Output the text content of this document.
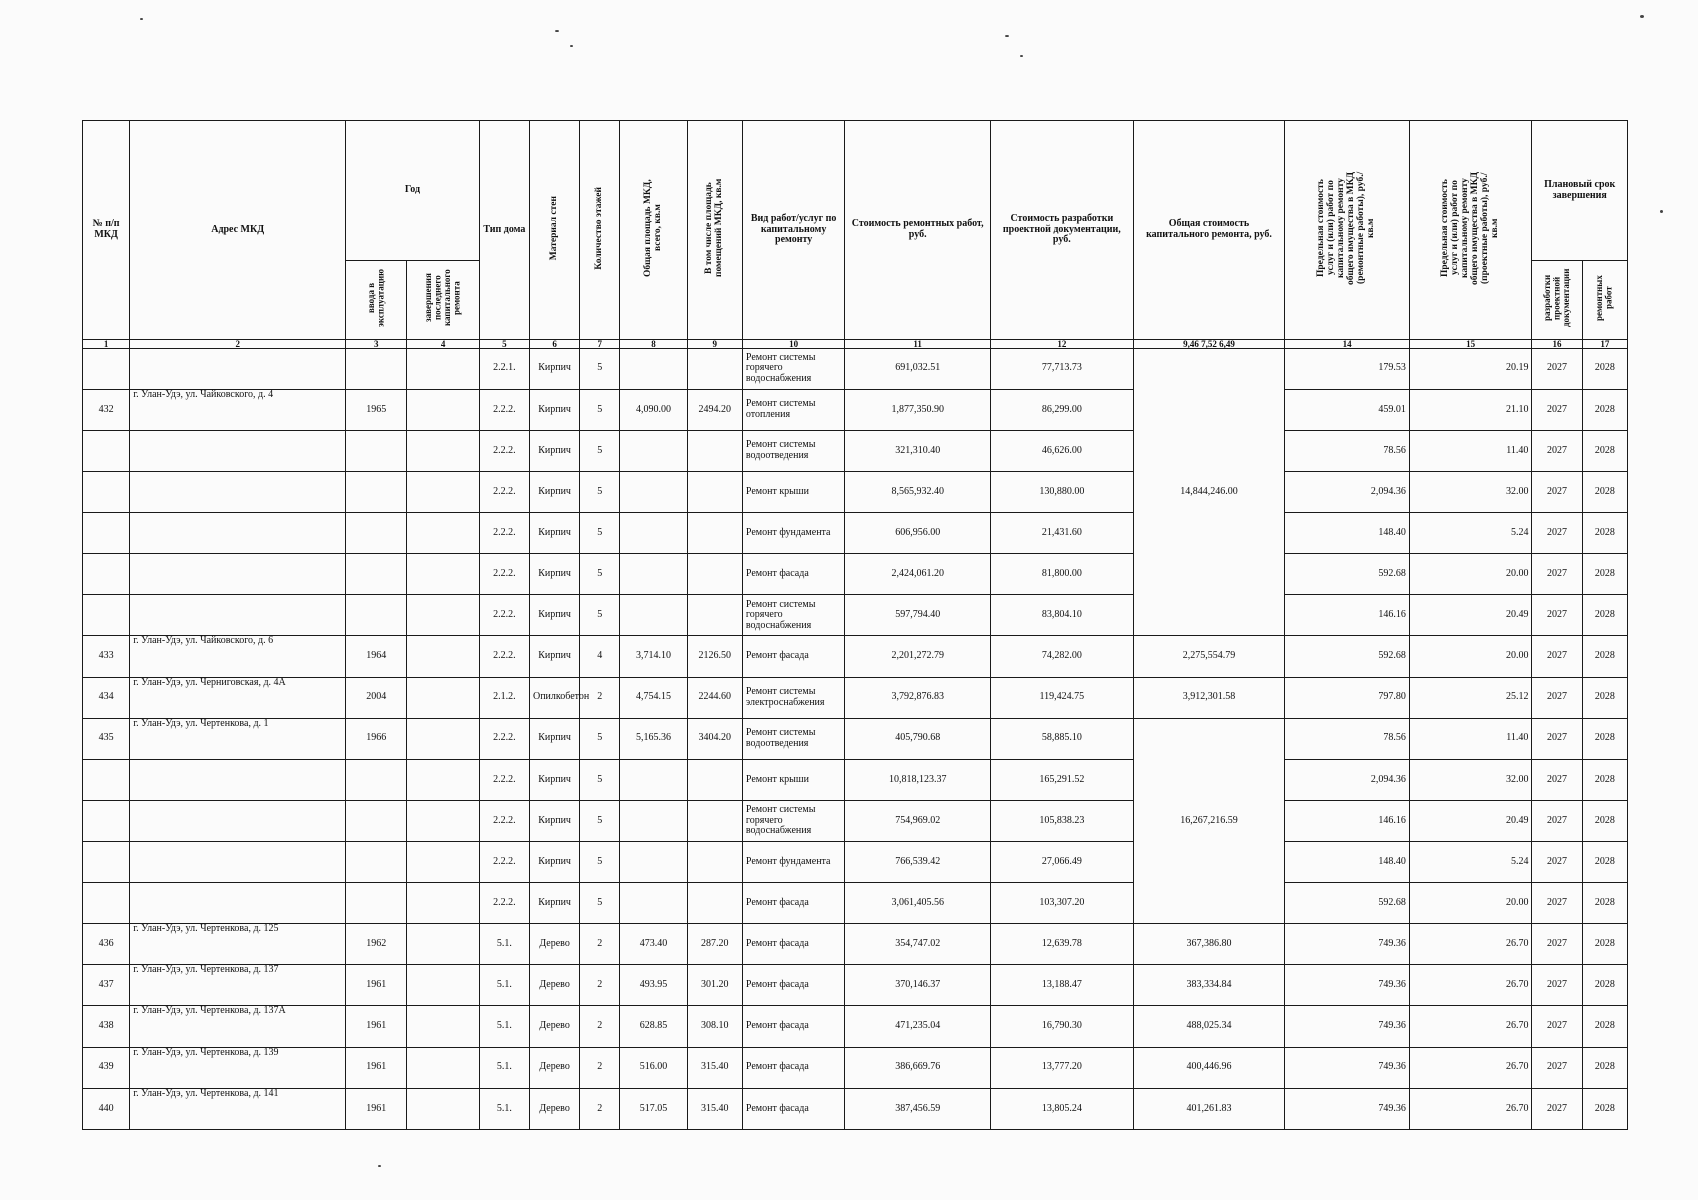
№ п/п МКД	Адрес МКД	Год		Тип дома	Материал стен	Количество этажей	Общая площадь МКД, всего, кв.м	В том числе площадь помещений МКД, кв.м	Вид работ/услуг по капитальному ремонту	Стоимость ремонтных работ, руб.	Стоимость разработки проектной документации, руб.	Общая стоимость капитального ремонта, руб.	Предельная стоимость услуг и (или) работ по капитальному ремонту общего имущества в МКД (ремонтные работы), руб./кв.м	Предельная стоимость услуг и (или) работ по капитальному ремонту общего имущества в МКД (проектные работы), руб./кв.м	Плановый срок завершения	
		ввода в эксплуатацию	завершения последнего капитального ремонта												разработки проектной документации	ремонтных работ
1	2	3	4	5	6	7	8	9	10	11	12	9,46 7,52 6,49	14	15	16	17
				2.2.1.	Кирпич	5			Ремонт системы горячего водоснабжения	691,032.51	77,713.73	14,844,246.00	179.53	20.19	2027	2028
432	г. Улан-Удэ, ул. Чайковского, д. 4	1965		2.2.2.	Кирпич	5	4,090.00	2494.20	Ремонт системы отопления	1,877,350.90	86,299.00		459.01	21.10	2027	2028
				2.2.2.	Кирпич	5			Ремонт системы водоотведения	321,310.40	46,626.00		78.56	11.40	2027	2028
				2.2.2.	Кирпич	5			Ремонт крыши	8,565,932.40	130,880.00		2,094.36	32.00	2027	2028
				2.2.2.	Кирпич	5			Ремонт фундамента	606,956.00	21,431.60		148.40	5.24	2027	2028
				2.2.2.	Кирпич	5			Ремонт фасада	2,424,061.20	81,800.00		592.68	20.00	2027	2028
				2.2.2.	Кирпич	5			Ремонт системы горячего водоснабжения	597,794.40	83,804.10		146.16	20.49	2027	2028
433	г. Улан-Удэ, ул. Чайковского, д. 6	1964		2.2.2.	Кирпич	4	3,714.10	2126.50	Ремонт фасада	2,201,272.79	74,282.00	2,275,554.79	592.68	20.00	2027	2028
434	г. Улан-Удэ, ул. Черниговская, д. 4А	2004		2.1.2.	Опилкобетон	2	4,754.15	2244.60	Ремонт системы электроснабжения	3,792,876.83	119,424.75	3,912,301.58	797.80	25.12	2027	2028
435	г. Улан-Удэ, ул. Чертенкова, д. 1	1966		2.2.2.	Кирпич	5	5,165.36	3404.20	Ремонт системы водоотведения	405,790.68	58,885.10	16,267,216.59	78.56	11.40	2027	2028
				2.2.2.	Кирпич	5			Ремонт крыши	10,818,123.37	165,291.52		2,094.36	32.00	2027	2028
				2.2.2.	Кирпич	5			Ремонт системы горячего водоснабжения	754,969.02	105,838.23		146.16	20.49	2027	2028
				2.2.2.	Кирпич	5			Ремонт фундамента	766,539.42	27,066.49		148.40	5.24	2027	2028
				2.2.2.	Кирпич	5			Ремонт фасада	3,061,405.56	103,307.20		592.68	20.00	2027	2028
436	г. Улан-Удэ, ул. Чертенкова, д. 125	1962		5.1.	Дерево	2	473.40	287.20	Ремонт фасада	354,747.02	12,639.78	367,386.80	749.36	26.70	2027	2028
437	г. Улан-Удэ, ул. Чертенкова, д. 137	1961		5.1.	Дерево	2	493.95	301.20	Ремонт фасада	370,146.37	13,188.47	383,334.84	749.36	26.70	2027	2028
438	г. Улан-Удэ, ул. Чертенкова, д. 137А	1961		5.1.	Дерево	2	628.85	308.10	Ремонт фасада	471,235.04	16,790.30	488,025.34	749.36	26.70	2027	2028
439	г. Улан-Удэ, ул. Чертенкова, д. 139	1961		5.1.	Дерево	2	516.00	315.40	Ремонт фасада	386,669.76	13,777.20	400,446.96	749.36	26.70	2027	2028
440	г. Улан-Удэ, ул. Чертенкова, д. 141	1961		5.1.	Дерево	2	517.05	315.40	Ремонт фасада	387,456.59	13,805.24	401,261.83	749.36	26.70	2027	2028
